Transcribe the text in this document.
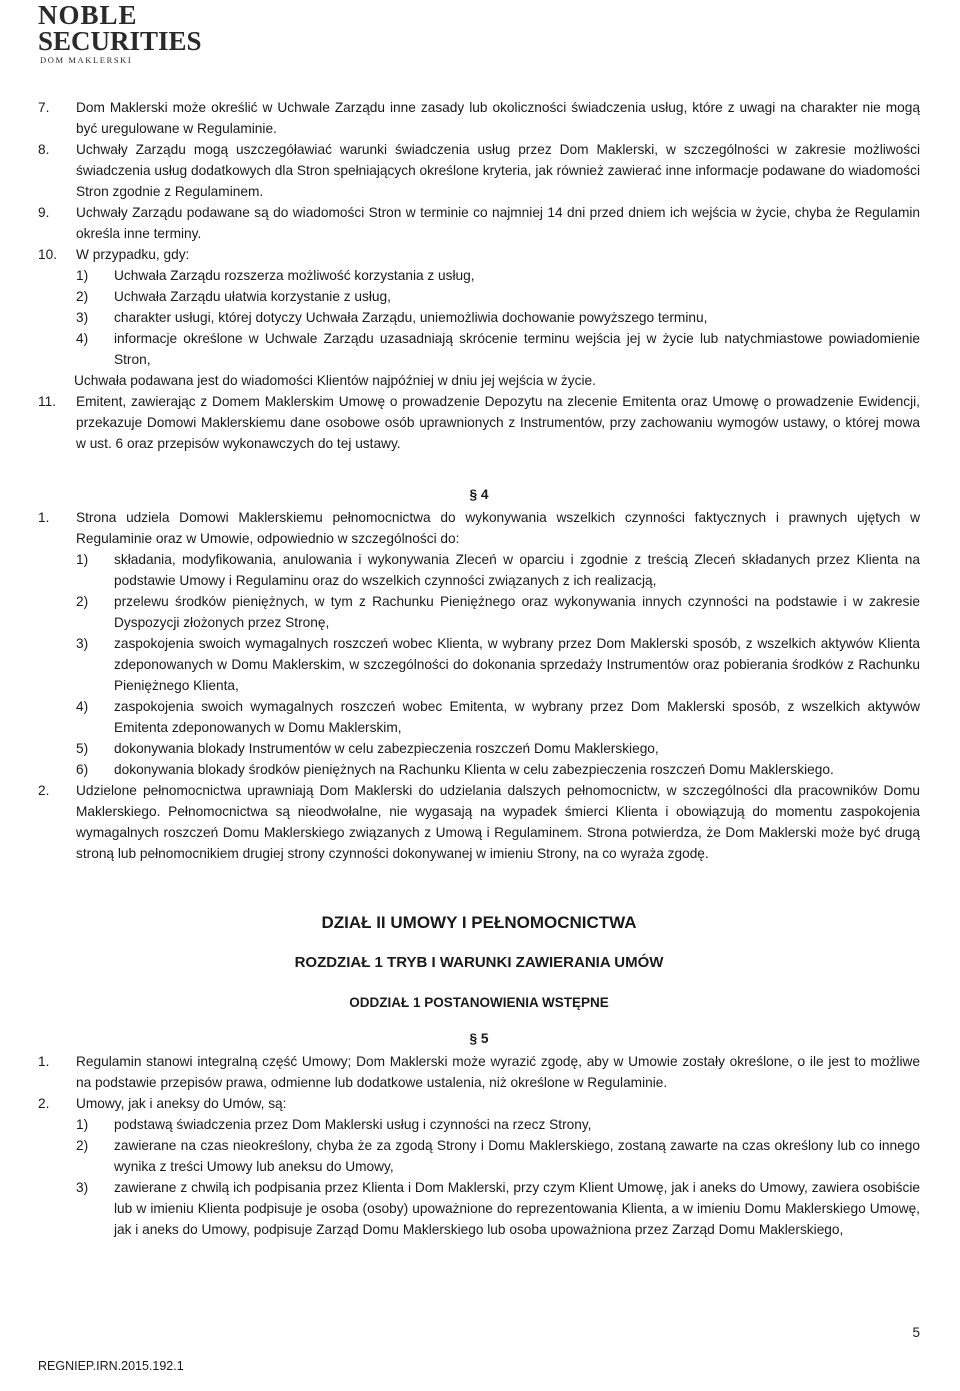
NOBLE
SECURITIES
DOM MAKLERSKI
7. Dom Maklerski może określić w Uchwale Zarządu inne zasady lub okoliczności świadczenia usług, które z uwagi na charakter nie mogą być uregulowane w Regulaminie.
8. Uchwały Zarządu mogą uszczegóławiać warunki świadczenia usług przez Dom Maklerski, w szczególności w zakresie możliwości świadczenia usług dodatkowych dla Stron spełniających określone kryteria, jak również zawierać inne informacje podawane do wiadomości Stron zgodnie z Regulaminem.
9. Uchwały Zarządu podawane są do wiadomości Stron w terminie co najmniej 14 dni przed dniem ich wejścia w życie, chyba że Regulamin określa inne terminy.
10. W przypadku, gdy:
1) Uchwała Zarządu rozszerza możliwość korzystania z usług,
2) Uchwała Zarządu ułatwia korzystanie z usług,
3) charakter usługi, której dotyczy Uchwała Zarządu, uniemożliwia dochowanie powyższego terminu,
4) informacje określone w Uchwale Zarządu uzasadniają skrócenie terminu wejścia jej w życie lub natychmiastowe powiadomienie Stron,
Uchwała podawana jest do wiadomości Klientów najpóźniej w dniu jej wejścia w życie.
11. Emitent, zawierając z Domem Maklerskim Umowę o prowadzenie Depozytu na zlecenie Emitenta oraz Umowę o prowadzenie Ewidencji, przekazuje Domowi Maklerskiemu dane osobowe osób uprawnionych z Instrumentów, przy zachowaniu wymogów ustawy, o której mowa w ust. 6 oraz przepisów wykonawczych do tej ustawy.
§ 4
1. Strona udziela Domowi Maklerskiemu pełnomocnictwa do wykonywania wszelkich czynności faktycznych i prawnych ujętych w Regulaminie oraz w Umowie, odpowiednio w szczególności do:
1) składania, modyfikowania, anulowania i wykonywania Zleceń w oparciu i zgodnie z treścią Zleceń składanych przez Klienta na podstawie Umowy i Regulaminu oraz do wszelkich czynności związanych z ich realizacją,
2) przelewu środków pieniężnych, w tym z Rachunku Pieniężnego oraz wykonywania innych czynności na podstawie i w zakresie Dyspozycji złożonych przez Stronę,
3) zaspokojenia swoich wymagalnych roszczeń wobec Klienta, w wybrany przez Dom Maklerski sposób, z wszelkich aktywów Klienta zdeponowanych w Domu Maklerskim, w szczególności do dokonania sprzedaży Instrumentów oraz pobierania środków z Rachunku Pieniężnego Klienta,
4) zaspokojenia swoich wymagalnych roszczeń wobec Emitenta, w wybrany przez Dom Maklerski sposób, z wszelkich aktywów Emitenta zdeponowanych w Domu Maklerskim,
5) dokonywania blokady Instrumentów w celu zabezpieczenia roszczeń Domu Maklerskiego,
6) dokonywania blokady środków pieniężnych na Rachunku Klienta w celu zabezpieczenia roszczeń Domu Maklerskiego.
2. Udzielone pełnomocnictwa uprawniają Dom Maklerski do udzielania dalszych pełnomocnictw, w szczególności dla pracowników Domu Maklerskiego. Pełnomocnictwa są nieodwołalne, nie wygasają na wypadek śmierci Klienta i obowiązują do momentu zaspokojenia wymagalnych roszczeń Domu Maklerskiego związanych z Umową i Regulaminem. Strona potwierdza, że Dom Maklerski może być drugą stroną lub pełnomocnikiem drugiej strony czynności dokonywanej w imieniu Strony, na co wyraża zgodę.
DZIAŁ II UMOWY I PEŁNOMOCNICTWA
ROZDZIAŁ 1 TRYB I WARUNKI ZAWIERANIA UMÓW
ODDZIAŁ 1 POSTANOWIENIA WSTĘPNE
§ 5
1. Regulamin stanowi integralną część Umowy; Dom Maklerski może wyrazić zgodę, aby w Umowie zostały określone, o ile jest to możliwe na podstawie przepisów prawa, odmienne lub dodatkowe ustalenia, niż określone w Regulaminie.
2. Umowy, jak i aneksy do Umów, są:
1) podstawą świadczenia przez Dom Maklerski usług i czynności na rzecz Strony,
2) zawierane na czas nieokreślony, chyba że za zgodą Strony i Domu Maklerskiego, zostaną zawarte na czas określony lub co innego wynika z treści Umowy lub aneksu do Umowy,
3) zawierane z chwilą ich podpisania przez Klienta i Dom Maklerski, przy czym Klient Umowę, jak i aneks do Umowy, zawiera osobiście lub w imieniu Klienta podpisuje je osoba (osoby) upoważnione do reprezentowania Klienta, a w imieniu Domu Maklerskiego Umowę, jak i aneks do Umowy, podpisuje Zarząd Domu Maklerskiego lub osoba upoważniona przez Zarząd Domu Maklerskiego,
5
REGNIEP.IRN.2015.192.1
